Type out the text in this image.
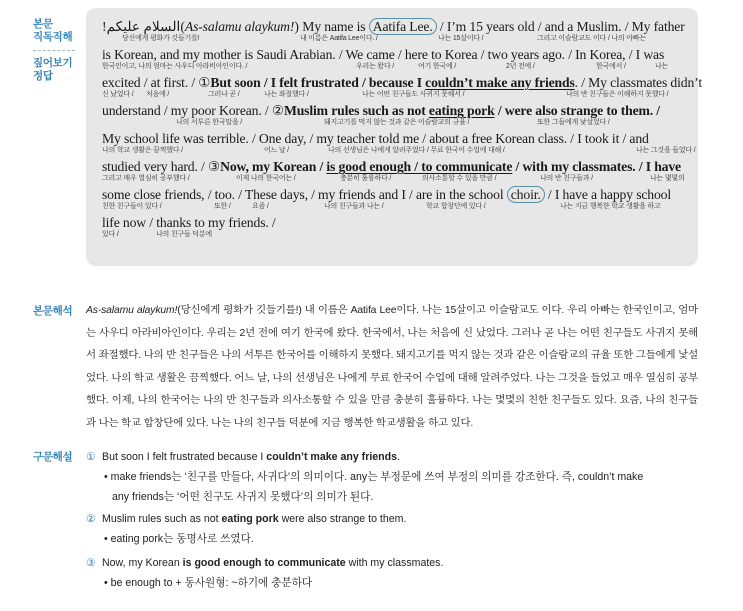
본문
직독직해
짚어보기
정답
!السلام عليكم(As-salamu alaykum!) My name is Aatifa Lee. / I’m 15 years old / and a Muslim. / My father
당신에게 평화가 깃들기를!	내 이름은 Aatifa Lee이다. /	나는 15살이다 /	그리고 이슬람교도 이다 / 나의 아빠는
is Korean, and my mother is Saudi Arabian. / We came / here to Korea / two years ago. / In Korea, / I was
한국인이고, 나의 엄마는 사우디 아라비아인이다. /	우리는 왔다 /	여기 한국에 /	2년 전에 /	한국에서 /	나는
excited / at first. / ①But soon / I felt frustrated / because I couldn’t make any friends. / My classmates didn’t
신 났었다 / 처음에 /	그러나 곧 /	나는 좌절했다 /	나는 어떤 친구들도 사귀지 못해서 /	나의 반 친구들은 이해하지 못했다 /
understand / my poor Korean. / ②Muslim rules such as not eating pork / were also strange to them. /
나의 서투른 한국말을 /	돼지고기를 먹지 않는 것과 같은 이슬람교의 규율 /	또한 그들에게 낯설었다 /
My school life was terrible. / One day, / my teacher told me / about a free Korean class. / I took it / and
나의 학교 생활은 끔찍했다 /	어느 날 /	나의 선생님은 나에게 알려주었다 / 무료 한국어 수업에 대해 /	나는 그것을 들었다 /
studied very hard. / ③Now, my Korean / is good enough / to communicate / with my classmates. / I have
그리고 매우 열심히 공부했다 /	이제 나의 한국어는 /	충분히 훌륭하다 /	의사소통할 수 있을 만큼 /	나의 반 친구들과 /	나는 몇몇의
some close friends, / too. / These days, / my friends and I / are in the school choir. / I have a happy school
친한 친구들이 있다 /	또한 /	요즘 /	나의 친구들과 나는 /	학교 합창단에 있다 /	나는 지금 행복한 학교 생활을 하고
life now / thanks to my friends. /
있다 /	나의 친구들 덕분에
본문해석 As-salamu alaykum!(당신에게 평화가 깃들기를!) 내 이름은 Aatifa Lee이다. 나는 15살이고 이슬람교도 이다. 우리 아빠는 한국인이고, 엄마는 사우디 아라비아인이다. 우리는 2년 전에 여기 한국에 왔다. 한국에서, 나는 처음에 신 났었다. 그러나 곧 나는 어떤 친구들도 사귀지 못해서 좌절했다. 나의 반 친구들은 나의 서투른 한국어를 이해하지 못했다. 돼지고기를 먹지 않는 것과 같은 이슬람교의 규율 또한 그들에게 낯설었다. 나의 학교 생활은 끔찍했다. 어느 날, 나의 선생님은 나에게 무료 한국어 수업에 대해 알려주었다. 나는 그것을 들었고 매우 열심히 공부했다. 이제, 나의 한국어는 나의 반 친구들과 의사소통할 수 있을 만큼 충분히 훌륭하다. 나는 몇몇의 친한 친구들도 있다. 요즘, 나의 친구들과 나는 학교 합창단에 있다. 나는 나의 친구들 덕분에 지금 행복한 학교생활을 하고 있다.
구문해설 ① But soon I felt frustrated because I couldn’t make any friends.
• make friends는 ‘친구를 만들다, 사귀다’의 의미이다. any는 부정문에 쓰여 부정의 의미를 강조한다. 즉, couldn’t make
any friends는 ‘어떤 친구도 사귀지 못했다’의 의미가 된다.
② Muslim rules such as not eating pork were also strange to them.
• eating pork는 동명사로 쓰였다.
③ Now, my Korean is good enough to communicate with my classmates.
• be enough to + 동사원형: ~하기에 충분하다
